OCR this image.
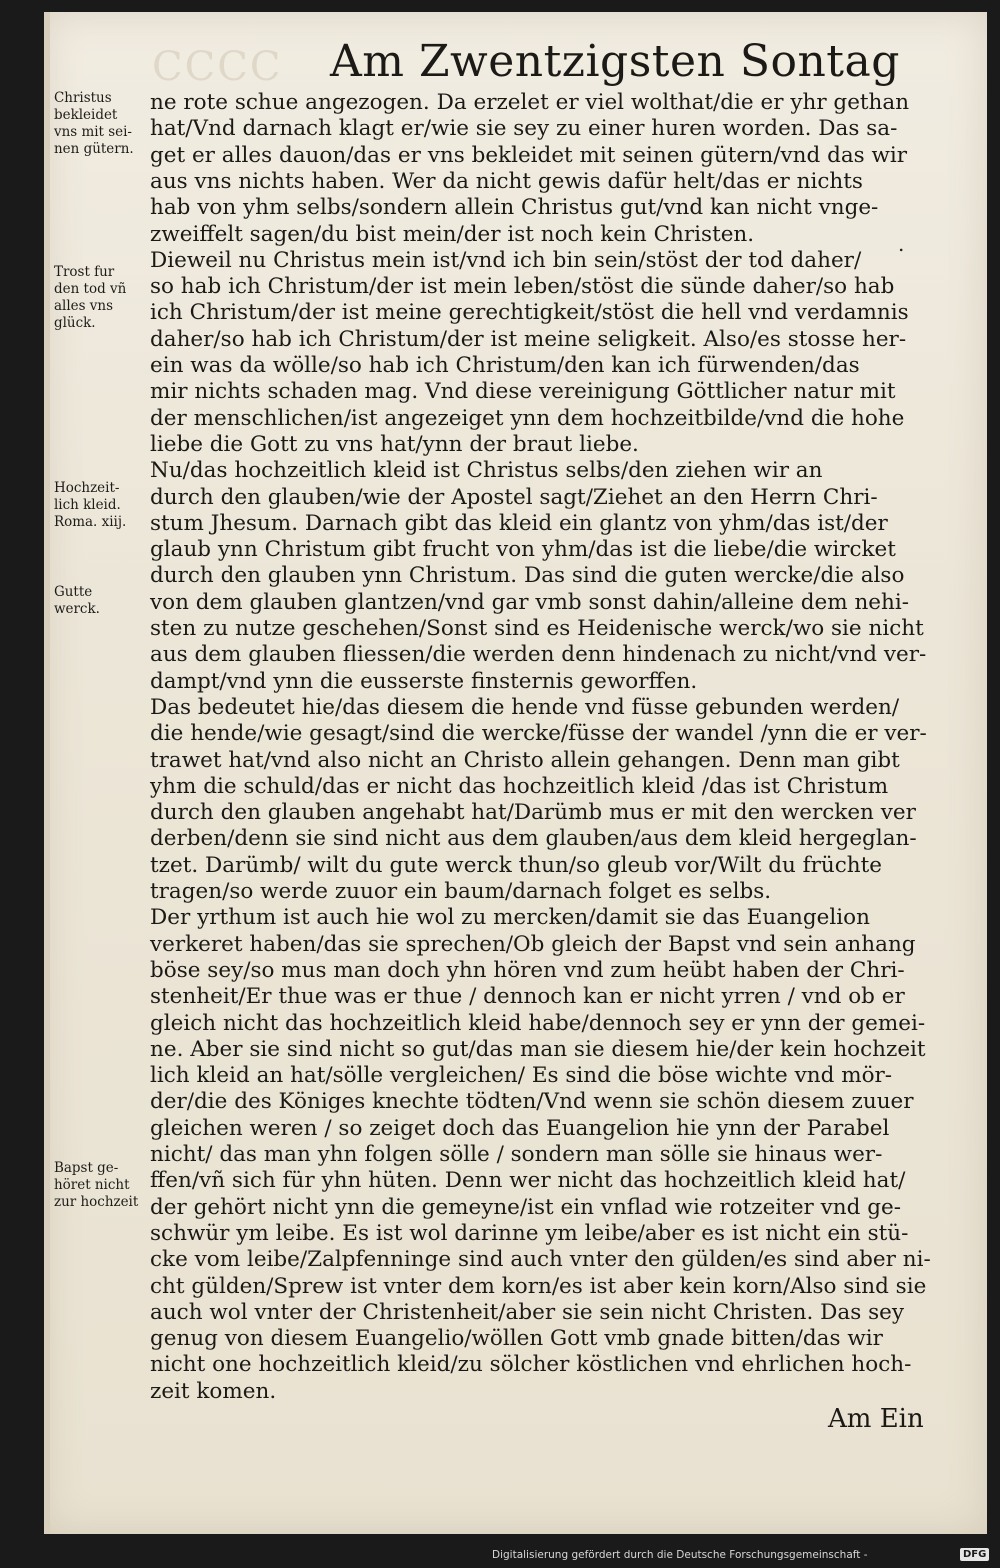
CCCC Am Zwentzigsten Sontag
Christus
bekleidet
vns mit sei-
nen gütern.
Trost fur
den tod vñ
alles vns
glück.
Hochzeit-
lich kleid.
Roma. xiij.
Gutte
werck.
Bapst ge-
höret nicht
zur hochzeit
ne rote schue angezogen. Da erzelet er viel wolthat/die er yhr gethan
hat/Vnd darnach klagt er/wie sie sey zu einer huren worden. Das sa-
get er alles dauon/das er vns bekleidet mit seinen gütern/vnd das wir
aus vns nichts haben. Wer da nicht gewis dafür helt/das er nichts
hab von yhm selbs/sondern allein Christus gut/vnd kan nicht vnge-
zweiffelt sagen/du bist mein/der ist noch kein Christen.
Dieweil nu Christus mein ist/vnd ich bin sein/stöst der tod daher/
so hab ich Christum/der ist mein leben/stöst die sünde daher/so hab
ich Christum/der ist meine gerechtigkeit/stöst die hell vnd verdamnis
daher/so hab ich Christum/der ist meine seligkeit. Also/es stosse her-
ein was da wölle/so hab ich Christum/den kan ich fürwenden/das
mir nichts schaden mag. Vnd diese vereinigung Göttlicher natur mit
der menschlichen/ist angezeiget ynn dem hochzeitbilde/vnd die hohe
liebe die Gott zu vns hat/ynn der braut liebe.
Nu/das hochzeitlich kleid ist Christus selbs/den ziehen wir an
durch den glauben/wie der Apostel sagt/Ziehet an den Herrn Chri-
stum Jhesum. Darnach gibt das kleid ein glantz von yhm/das ist/der
glaub ynn Christum gibt frucht von yhm/das ist die liebe/die wircket
durch den glauben ynn Christum. Das sind die guten wercke/die also
von dem glauben glantzen/vnd gar vmb sonst dahin/alleine dem nehi-
sten zu nutze geschehen/Sonst sind es Heidenische werck/wo sie nicht
aus dem glauben fliessen/die werden denn hindenach zu nicht/vnd ver-
dampt/vnd ynn die eusserste finsternis geworffen.
Das bedeutet hie/das diesem die hende vnd füsse gebunden werden/
die hende/wie gesagt/sind die wercke/füsse der wandel /ynn die er ver-
trawet hat/vnd also nicht an Christo allein gehangen. Denn man gibt
yhm die schuld/das er nicht das hochzeitlich kleid /das ist Christum
durch den glauben angehabt hat/Darümb mus er mit den wercken ver
derben/denn sie sind nicht aus dem glauben/aus dem kleid hergeglan-
tzet. Darümb/ wilt du gute werck thun/so gleub vor/Wilt du früchte
tragen/so werde zuuor ein baum/darnach folget es selbs.
Der yrthum ist auch hie wol zu mercken/damit sie das Euangelion
verkeret haben/das sie sprechen/Ob gleich der Bapst vnd sein anhang
böse sey/so mus man doch yhn hören vnd zum heübt haben der Chri-
stenheit/Er thue was er thue / dennoch kan er nicht yrren / vnd ob er
gleich nicht das hochzeitlich kleid habe/dennoch sey er ynn der gemei-
ne. Aber sie sind nicht so gut/das man sie diesem hie/der kein hochzeit
lich kleid an hat/sölle vergleichen/ Es sind die böse wichte vnd mör-
der/die des Königes knechte tödten/Vnd wenn sie schön diesem zuuer
gleichen weren / so zeiget doch das Euangelion hie ynn der Parabel
nicht/ das man yhn folgen sölle / sondern man sölle sie hinaus wer-
ffen/vñ sich für yhn hüten. Denn wer nicht das hochzeitlich kleid hat/
der gehört nicht ynn die gemeyne/ist ein vnflad wie rotzeiter vnd ge-
schwür ym leibe. Es ist wol darinne ym leibe/aber es ist nicht ein stü-
cke vom leibe/Zalpfenninge sind auch vnter den gülden/es sind aber ni-
cht gülden/Sprew ist vnter dem korn/es ist aber kein korn/Also sind sie
auch wol vnter der Christenheit/aber sie sein nicht Christen. Das sey
genug von diesem Euangelio/wöllen Gott vmb gnade bitten/das wir
nicht one hochzeitlich kleid/zu sölcher köstlichen vnd ehrlichen hoch-
zeit komen.
.
Am Ein
Digitalisierung gefördert durch die Deutsche Forschungsgemeinschaft -	DFG
